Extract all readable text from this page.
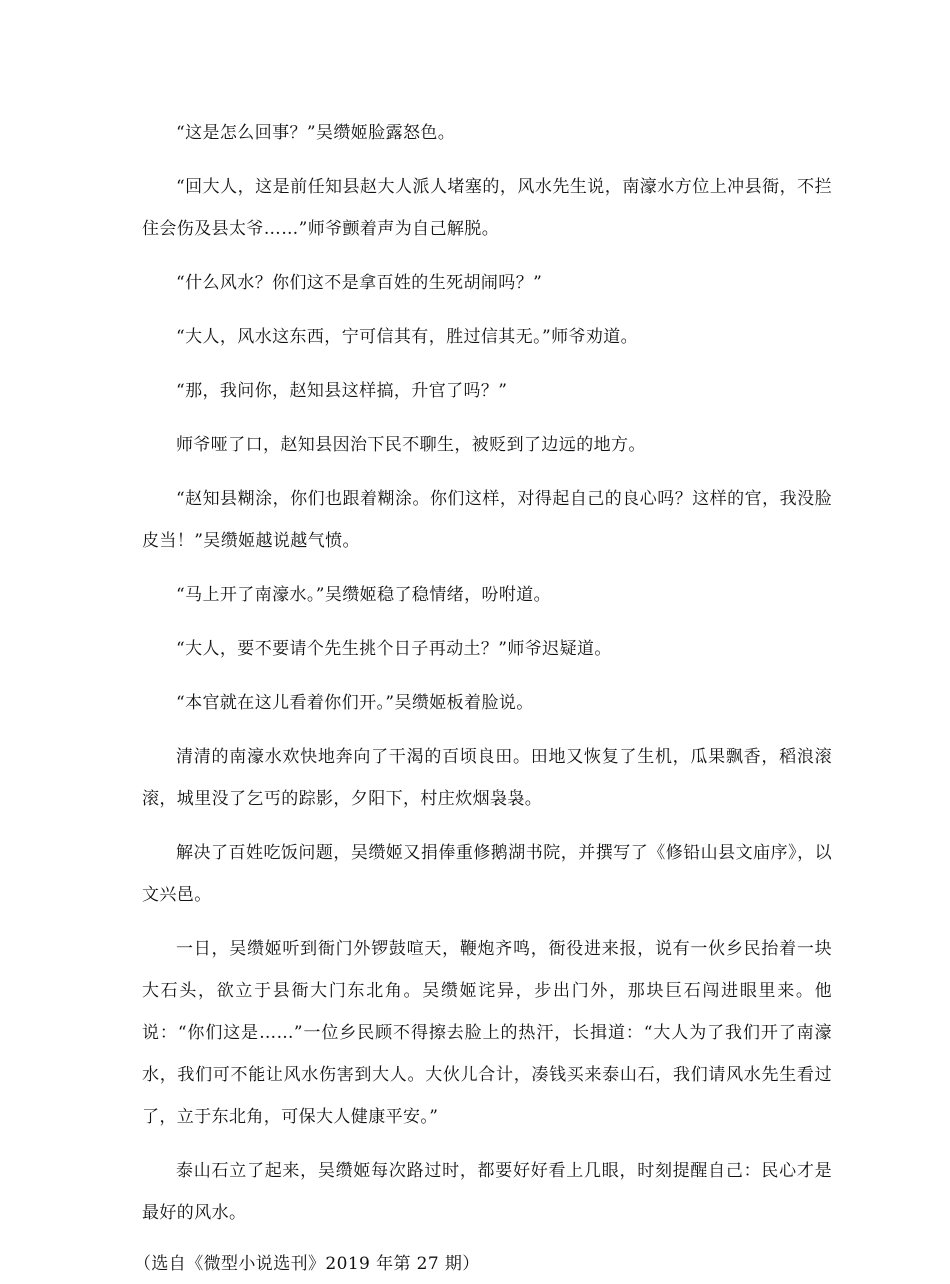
“这是怎么回事？”吴缵姬脸露怒色。

“回大人，这是前任知县赵大人派人堵塞的，风水先生说，南濠水方位上冲县衙，不拦住会伤及县太爷……”师爷颤着声为自己解脱。

“什么风水？你们这不是拿百姓的生死胡闹吗？”

“大人，风水这东西，宁可信其有，胜过信其无。”师爷劝道。

“那，我问你，赵知县这样搞，升官了吗？”

师爷哑了口，赵知县因治下民不聊生，被贬到了边远的地方。

“赵知县糊涂，你们也跟着糊涂。你们这样，对得起自己的良心吗？这样的官，我没脸皮当！”吴缵姬越说越气愤。

“马上开了南濠水。”吴缵姬稳了稳情绪，吩咐道。

“大人，要不要请个先生挑个日子再动土？”师爷迟疑道。

“本官就在这儿看着你们开。”吴缵姬板着脸说。

清清的南濠水欢快地奔向了干渴的百顷良田。田地又恢复了生机，瓜果飘香，稻浪滚滚，城里没了乞丐的踪影，夕阳下，村庄炊烟袅袅。

解决了百姓吃饭问题，吴缵姬又捐俸重修鹅湖书院，并撰写了《修铅山县文庙序》，以文兴邑。

一日，吴缵姬听到衙门外锣鼓喧天，鞭炮齐鸣，衙役进来报，说有一伙乡民抬着一块大石头，欲立于县衙大门东北角。吴缵姬诧异，步出门外，那块巨石闯进眼里来。他说：“你们这是……”一位乡民顾不得擦去脸上的热汗，长揖道：“大人为了我们开了南濠水，我们可不能让风水伤害到大人。大伙儿合计，凑钱买来泰山石，我们请风水先生看过了，立于东北角，可保大人健康平安。”

泰山石立了起来，吴缵姬每次路过时，都要好好看上几眼，时刻提醒自己：民心才是最好的风水。

（选自《微型小说选刊》2019 年第 27 期）
